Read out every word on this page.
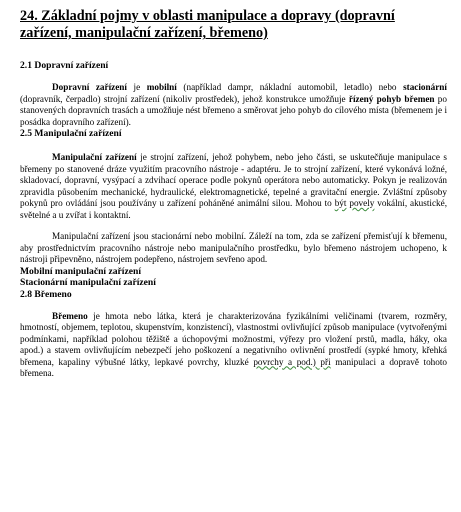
24. Základní pojmy v oblasti manipulace a dopravy (dopravní zařízení, manipulační zařízení, břemeno)
2.1 Dopravní zařízení

Dopravní zařízení je mobilní (například dampr, nákladní automobil, letadlo) nebo stacionární (dopravník, čerpadlo) strojní zařízení (nikoliv prostředek), jehož konstrukce umožňuje řízený pohyb břemen po stanovených dopravních trasách a umožňuje nést břemeno a směrovat jeho pohyb do cílového místa (břemenem je i posádka dopravního zařízení).

2.5 Manipulační zařízení

Manipulační zařízení je strojní zařízení, jehož pohybem, nebo jeho části, se uskutečňuje manipulace s břemeny po stanovené dráze využitím pracovního nástroje - adaptéru. Je to strojní zařízení, které vykonává ložné, skladovací, dopravní, vysýpací a zdvihací operace podle pokynů operátora nebo automaticky. Pokyn je realizován zpravidla působením mechanické, hydraulické, elektromagnetické, tepelné a gravitační energie. Zvláštní způsoby pokynů pro ovládání jsou používány u zařízení poháněné animální silou. Mohou to být povely vokální, akustické, světelné a u zvířat i kontaktní.

Manipulační zařízení jsou stacionární nebo mobilní. Záleží na tom, zda se zařízení přemisťují k břemenu, aby prostřednictvím pracovního nástroje nebo manipulačního prostředku, bylo břemeno nástrojem uchopeno, k nástroji připevněno, nástrojem podepřeno, nástrojem sevřeno apod.

Mobilní manipulační zařízení
Stacionární manipulační zařízení
2.8 Břemeno

Břemeno je hmota nebo látka, která je charakterizována fyzikálními veličinami (tvarem, rozměry, hmotností, objemem, teplotou, skupenstvím, konzistencí), vlastnostmi ovlivňující způsob manipulace (vytvořenými podmínkami, například polohou těžiště a úchopovými možnostmi, výřezy pro vložení prstů, madla, háky, oka apod.) a stavem ovlivňujícím nebezpečí jeho poškození a negativního ovlivnění prostředí (sypké hmoty, křehká břemena, kapaliny výbušné látky, lepkavé povrchy, kluzké povrchy a pod.) při manipulaci a dopravě tohoto břemena.
